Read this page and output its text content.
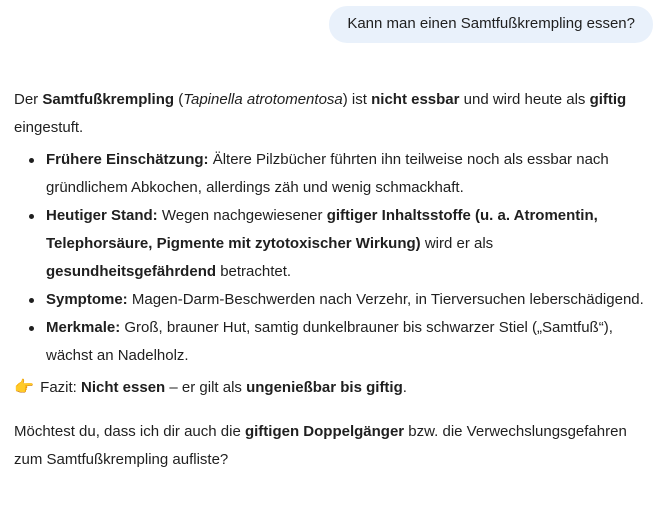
Kann man einen Samtfußkrempling essen?

Der Samtfußkrempling (Tapinella atrotomentosa) ist nicht essbar und wird heute als giftig eingestuft.

Frühere Einschätzung: Ältere Pilzbücher führten ihn teilweise noch als essbar nach gründlichem Abkochen, allerdings zäh und wenig schmackhaft.
Heutiger Stand: Wegen nachgewiesener giftiger Inhaltsstoffe (u. a. Atromentin, Telephorsäure, Pigmente mit zytotoxischer Wirkung) wird er als gesundheitsgefährdend betrachtet.
Symptome: Magen-Darm-Beschwerden nach Verzehr, in Tierversuchen leberschädigend.
Merkmale: Groß, brauner Hut, samtig dunkelbrauner bis schwarzer Stiel („Samtfuß“), wächst an Nadelholz.

👉 Fazit: Nicht essen – er gilt als ungenießbar bis giftig.

Möchtest du, dass ich dir auch die giftigen Doppelgänger bzw. die Verwechslungsgefahren zum Samtfußkrempling aufliste?
